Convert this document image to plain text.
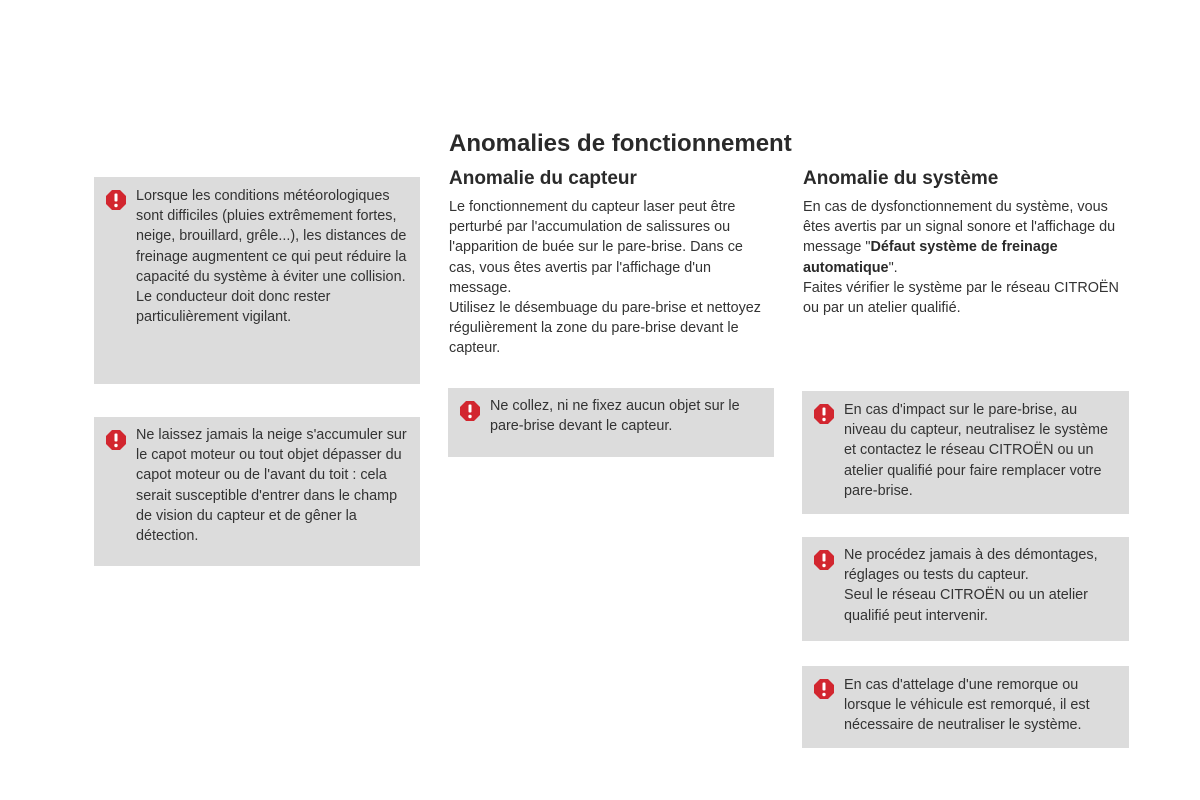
Anomalies de fonctionnement

Lorsque les conditions météorologiques sont difficiles (pluies extrêmement fortes, neige, brouillard, grêle...), les distances de freinage augmentent ce qui peut réduire la capacité du système à éviter une collision.

Le conducteur doit donc rester particulièrement vigilant.

Ne laissez jamais la neige s'accumuler sur le capot moteur ou tout objet dépasser du capot moteur ou de l'avant du toit : cela serait susceptible d'entrer dans le champ de vision du capteur et de gêner la détection.

Anomalie du capteur

Le fonctionnement du capteur laser peut être perturbé par l'accumulation de salissures ou l'apparition de buée sur le pare-brise. Dans ce cas, vous êtes avertis par l'affichage d'un message.

Utilisez le désembuage du pare-brise et nettoyez régulièrement la zone du pare-brise devant le capteur.

Ne collez, ni ne fixez aucun objet sur le pare-brise devant le capteur.

Anomalie du système

En cas de dysfonctionnement du système, vous êtes avertis par un signal sonore et l'affichage du message "Défaut système de freinage automatique".

Faites vérifier le système par le réseau CITROËN ou par un atelier qualifié.

En cas d'impact sur le pare-brise, au niveau du capteur, neutralisez le système et contactez le réseau CITROËN ou un atelier qualifié pour faire remplacer votre pare-brise.

Ne procédez jamais à des démontages, réglages ou tests du capteur.

Seul le réseau CITROËN ou un atelier qualifié peut intervenir.

En cas d'attelage d'une remorque ou lorsque le véhicule est remorqué, il est nécessaire de neutraliser le système.
